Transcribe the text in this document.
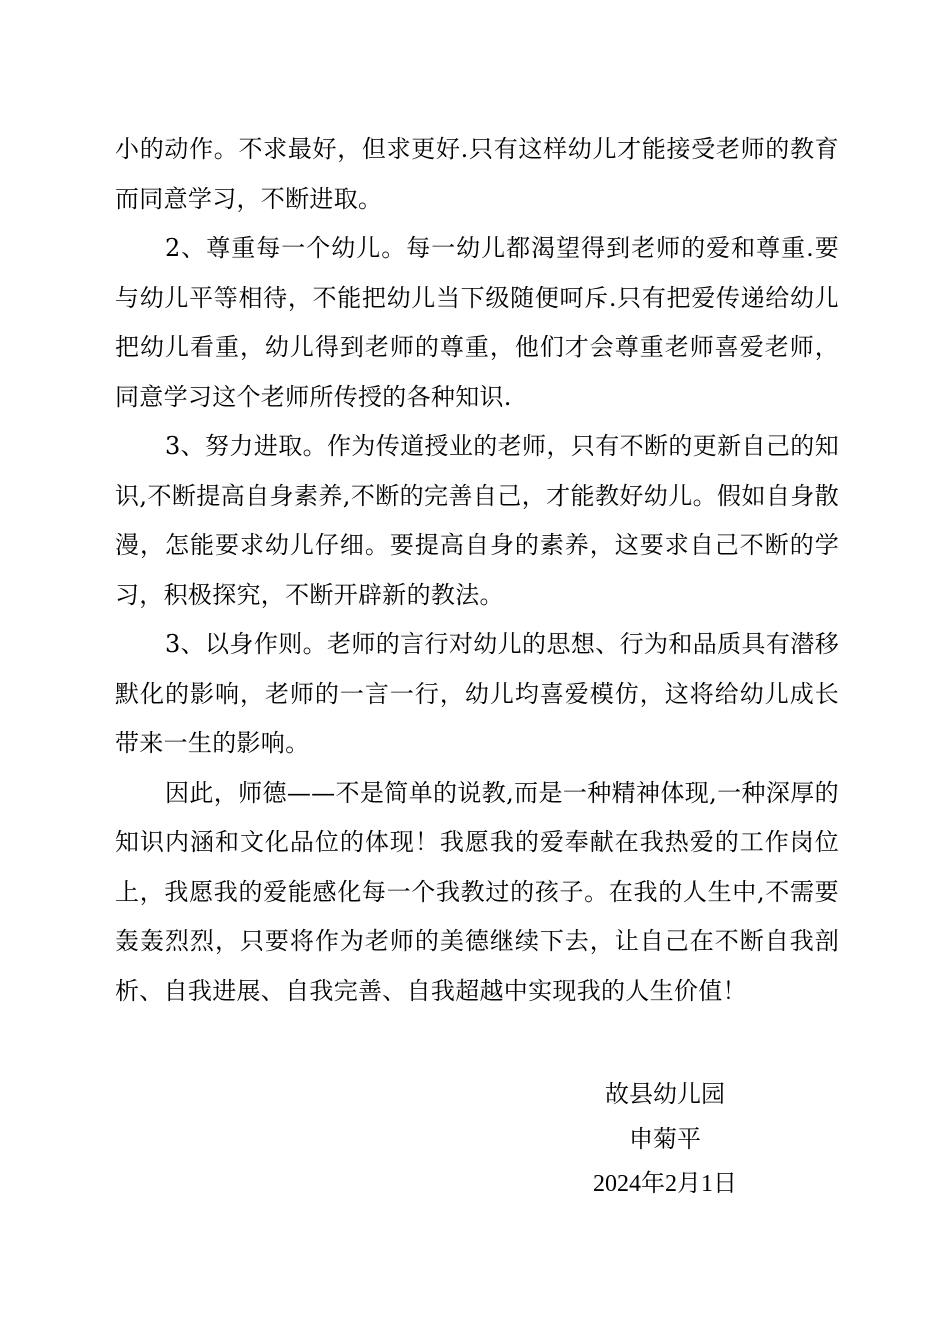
小的动作。不求最好，但求更好.只有这样幼儿才能接受老师的教育而同意学习，不断进取。

2、尊重每一个幼儿。每一幼儿都渴望得到老师的爱和尊重.要与幼儿平等相待，不能把幼儿当下级随便呵斥.只有把爱传递给幼儿把幼儿看重，幼儿得到老师的尊重，他们才会尊重老师喜爱老师，同意学习这个老师所传授的各种知识.

3、努力进取。作为传道授业的老师，只有不断的更新自己的知识,不断提高自身素养,不断的完善自己，才能教好幼儿。假如自身散漫，怎能要求幼儿仔细。要提高自身的素养，这要求自己不断的学习，积极探究，不断开辟新的教法。

3、以身作则。老师的言行对幼儿的思想、行为和品质具有潜移默化的影响，老师的一言一行，幼儿均喜爱模仿，这将给幼儿成长带来一生的影响。

因此，师德——不是简单的说教,而是一种精神体现,一种深厚的知识内涵和文化品位的体现！我愿我的爱奉献在我热爱的工作岗位上，我愿我的爱能感化每一个我教过的孩子。在我的人生中,不需要轰轰烈烈，只要将作为老师的美德继续下去，让自己在不断自我剖析、自我进展、自我完善、自我超越中实现我的人生价值！

故县幼儿园
申菊平
2024年2月1日
